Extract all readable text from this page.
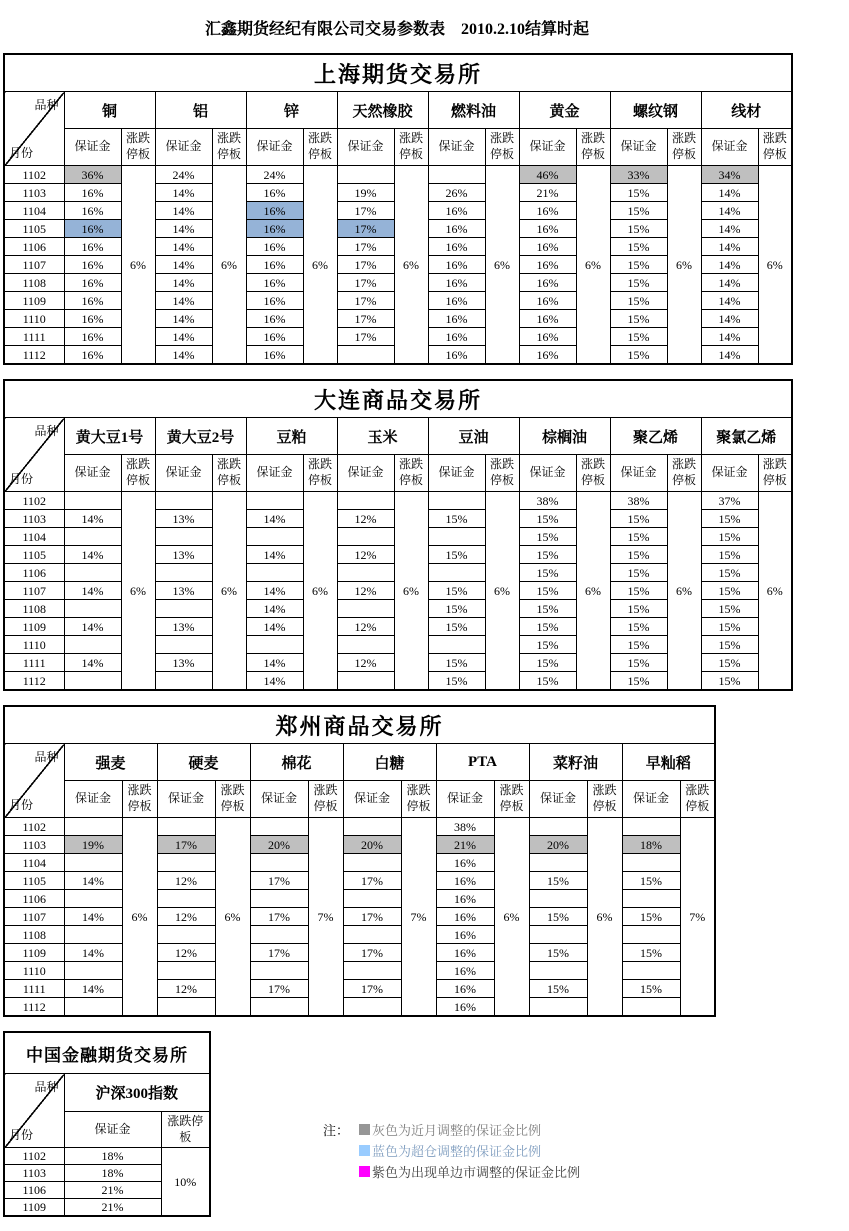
汇鑫期货经纪有限公司交易参数表　2010.2.10结算时起
上海期货交易所																

品种
月份	铜		铝		锌		天然橡胶		燃料油		黄金		螺纹钢		线材	
	保证金	涨跌停板	保证金	涨跌停板	保证金	涨跌停板	保证金	涨跌停板	保证金	涨跌停板	保证金	涨跌停板	保证金	涨跌停板	保证金	涨跌停板
1102	36%	6%	24%	6%	24%	6%		6%		6%	46%	6%	33%	6%	34%	6%
1103	16%		14%		16%		19%		26%		21%		15%		14%	
1104	16%		14%		16%		17%		16%		16%		15%		14%	
1105	16%		14%		16%		17%		16%		16%		15%		14%	
1106	16%		14%		16%		17%		16%		16%		15%		14%	
1107	16%		14%		16%		17%		16%		16%		15%		14%	
1108	16%		14%		16%		17%		16%		16%		15%		14%	
1109	16%		14%		16%		17%		16%		16%		15%		14%	
1110	16%		14%		16%		17%		16%		16%		15%		14%	
1111	16%		14%		16%		17%		16%		16%		15%		14%	
1112	16%		14%		16%				16%		16%		15%		14%	
大连商品交易所																

品种
月份	黄大豆1号		黄大豆2号		豆粕		玉米		豆油		棕榈油		聚乙烯		聚氯乙烯	
	保证金	涨跌停板	保证金	涨跌停板	保证金	涨跌停板	保证金	涨跌停板	保证金	涨跌停板	保证金	涨跌停板	保证金	涨跌停板	保证金	涨跌停板
1102		6%		6%		6%		6%		6%	38%	6%	38%	6%	37%	6%
1103	14%		13%		14%		12%		15%		15%		15%		15%	
1104											15%		15%		15%	
1105	14%		13%		14%		12%		15%		15%		15%		15%	
1106											15%		15%		15%	
1107	14%		13%		14%		12%		15%		15%		15%		15%	
1108					14%				15%		15%		15%		15%	
1109	14%		13%		14%		12%		15%		15%		15%		15%	
1110											15%		15%		15%	
1111	14%		13%		14%		12%		15%		15%		15%		15%	
1112					14%				15%		15%		15%		15%	
郑州商品交易所														

品种
月份	强麦		硬麦		棉花		白糖		PTA		菜籽油		早籼稻	
	保证金	涨跌停板	保证金	涨跌停板	保证金	涨跌停板	保证金	涨跌停板	保证金	涨跌停板	保证金	涨跌停板	保证金	涨跌停板
1102		6%		6%		7%		7%	38%	6%		6%		7%
1103	19%		17%		20%		20%		21%		20%		18%	
1104									16%					
1105	14%		12%		17%		17%		16%		15%		15%	
1106									16%					
1107	14%		12%		17%		17%		16%		15%		15%	
1108									16%					
1109	14%		12%		17%		17%		16%		15%		15%	
1110									16%					
1111	14%		12%		17%		17%		16%		15%		15%	
1112									16%					
中国金融期货交易所		

品种
月份	沪深300指数	
	保证金	涨跌停板
1102	18%	10%
1103	18%	
1106	21%	
1109	21%	
注：	灰色为近月调整的保证金比例
蓝色为超仓调整的保证金比例
紫色为出现单边市调整的保证金比例
